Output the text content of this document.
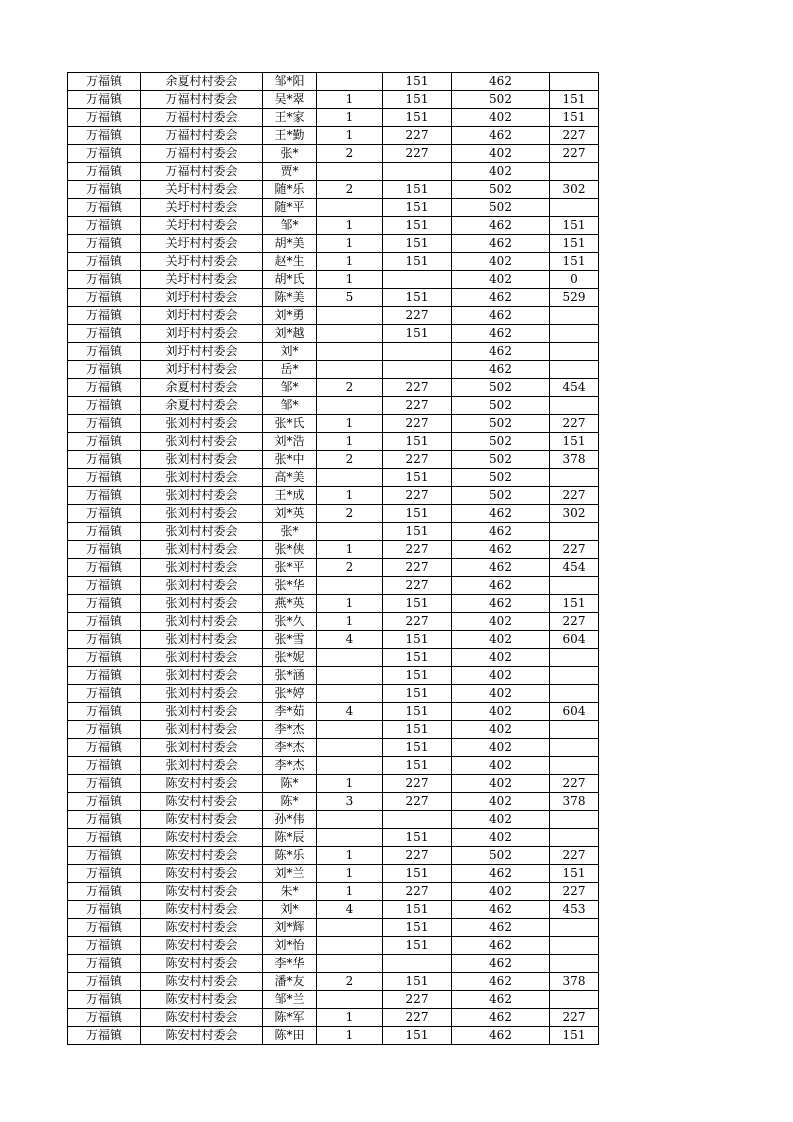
万福镇	余夏村村委会	邹*阳		151	462	
万福镇	万福村村委会	吴*翠	1	151	502	151
万福镇	万福村村委会	王*家	1	151	402	151
万福镇	万福村村委会	王*勤	1	227	462	227
万福镇	万福村村委会	张*	2	227	402	227
万福镇	万福村村委会	贾*			402	
万福镇	关圩村村委会	随*乐	2	151	502	302
万福镇	关圩村村委会	随*平		151	502	
万福镇	关圩村村委会	邹*	1	151	462	151
万福镇	关圩村村委会	胡*美	1	151	462	151
万福镇	关圩村村委会	赵*生	1	151	402	151
万福镇	关圩村村委会	胡*氏	1		402	0
万福镇	刘圩村村委会	陈*美	5	151	462	529
万福镇	刘圩村村委会	刘*勇		227	462	
万福镇	刘圩村村委会	刘*越		151	462	
万福镇	刘圩村村委会	刘*			462	
万福镇	刘圩村村委会	岳*			462	
万福镇	余夏村村委会	邹*	2	227	502	454
万福镇	余夏村村委会	邹*		227	502	
万福镇	张刘村村委会	张*氏	1	227	502	227
万福镇	张刘村村委会	刘*浩	1	151	502	151
万福镇	张刘村村委会	张*中	2	227	502	378
万福镇	张刘村村委会	高*美		151	502	
万福镇	张刘村村委会	王*成	1	227	502	227
万福镇	张刘村村委会	刘*英	2	151	462	302
万福镇	张刘村村委会	张*		151	462	
万福镇	张刘村村委会	张*侠	1	227	462	227
万福镇	张刘村村委会	张*平	2	227	462	454
万福镇	张刘村村委会	张*华		227	462	
万福镇	张刘村村委会	燕*英	1	151	462	151
万福镇	张刘村村委会	张*久	1	227	402	227
万福镇	张刘村村委会	张*雪	4	151	402	604
万福镇	张刘村村委会	张*妮		151	402	
万福镇	张刘村村委会	张*涵		151	402	
万福镇	张刘村村委会	张*婷		151	402	
万福镇	张刘村村委会	李*茹	4	151	402	604
万福镇	张刘村村委会	李*杰		151	402	
万福镇	张刘村村委会	李*杰		151	402	
万福镇	张刘村村委会	李*杰		151	402	
万福镇	陈安村村委会	陈*	1	227	402	227
万福镇	陈安村村委会	陈*	3	227	402	378
万福镇	陈安村村委会	孙*伟			402	
万福镇	陈安村村委会	陈*辰		151	402	
万福镇	陈安村村委会	陈*乐	1	227	502	227
万福镇	陈安村村委会	刘*兰	1	151	462	151
万福镇	陈安村村委会	朱*	1	227	402	227
万福镇	陈安村村委会	刘*	4	151	462	453
万福镇	陈安村村委会	刘*辉		151	462	
万福镇	陈安村村委会	刘*怡		151	462	
万福镇	陈安村村委会	李*华			462	
万福镇	陈安村村委会	潘*友	2	151	462	378
万福镇	陈安村村委会	邹*兰		227	462	
万福镇	陈安村村委会	陈*军	1	227	462	227
万福镇	陈安村村委会	陈*田	1	151	462	151
